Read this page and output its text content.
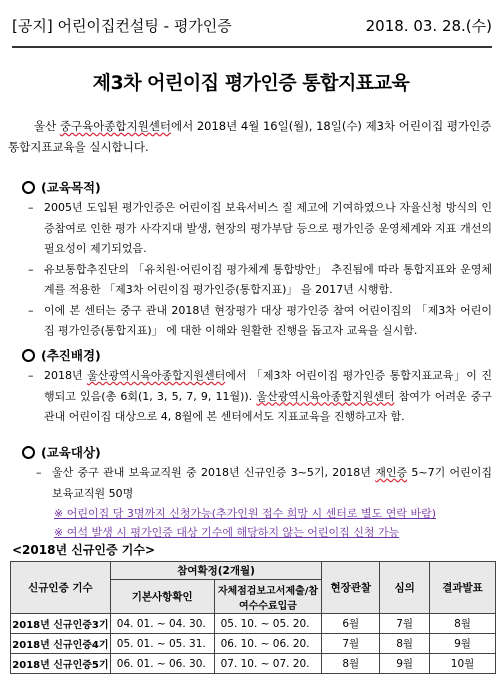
[공지] 어린이집컨설팅 - 평가인증	2018. 03. 28.(수)
제3차 어린이집 평가인증 통합지표교육
울산 중구육아종합지원센터에서 2018년 4월 16일(월), 18일(수) 제3차 어린이집 평가인증 통합지표교육을 실시합니다.
(교육목적)
– 2005년 도입된 평가인증은 어린이집 보육서비스 질 제고에 기여하였으나 자율신청 방식의 인증참여로 인한 평가 사각지대 발생, 현장의 평가부담 등으로 평가인증 운영체계와 지표 개선의 필요성이 제기되었음.
– 유보통합추진단의 「유치원·어린이집 평가체계 통합방안」 추진됨에 따라 통합지표와 운영체계를 적용한 「제3차 어린이집 평가인증(통합지표)」 을 2017년 시행함.
– 이에 본 센터는 중구 관내 2018년 현장평가 대상 평가인증 참여 어린이집의 「제3차 어린이집 평가인증(통합지표)」 에 대한 이해와 원활한 진행을 돕고자 교육을 실시함.
(추진배경)
– 2018년 울산광역시육아종합지원센터에서 「제3차 어린이집 평가인증 통합지표교육」이 진행되고 있음(총 6회(1, 3, 5, 7, 9, 11월)). 울산광역시육아종합지원센터 참여가 어려운 중구 관내 어린이집 대상으로 4, 8월에 본 센터에서도 지표교육을 진행하고자 함.
(교육대상)
– 울산 중구 관내 보육교직원 중 2018년 신규인증 3~5기, 2018년 재인증 5~7기 어린이집 보육교직원 50명
※ 어린이집 당 3명까지 신청가능(추가인원 접수 희망 시 센터로 별도 연락 바람)
※ 여석 발생 시 평가인증 대상 기수에 해당하지 않는 어린이집 신청 가능
<2018년 신규인증 기수>
신규인증 기수	참여확정(2개월)		현장관찰	심의	결과발표
	기본사항확인	자체점검보고서제출/참여수수료입금			
2018년 신규인증3기	04. 01. ~ 04. 30.	05. 10. ~ 05. 20.	6월	7월	8월
2018년 신규인증4기	05. 01. ~ 05. 31.	06. 10. ~ 06. 20.	7월	8월	9월
2018년 신규인증5기	06. 01. ~ 06. 30.	07. 10. ~ 07. 20.	8월	9월	10월
